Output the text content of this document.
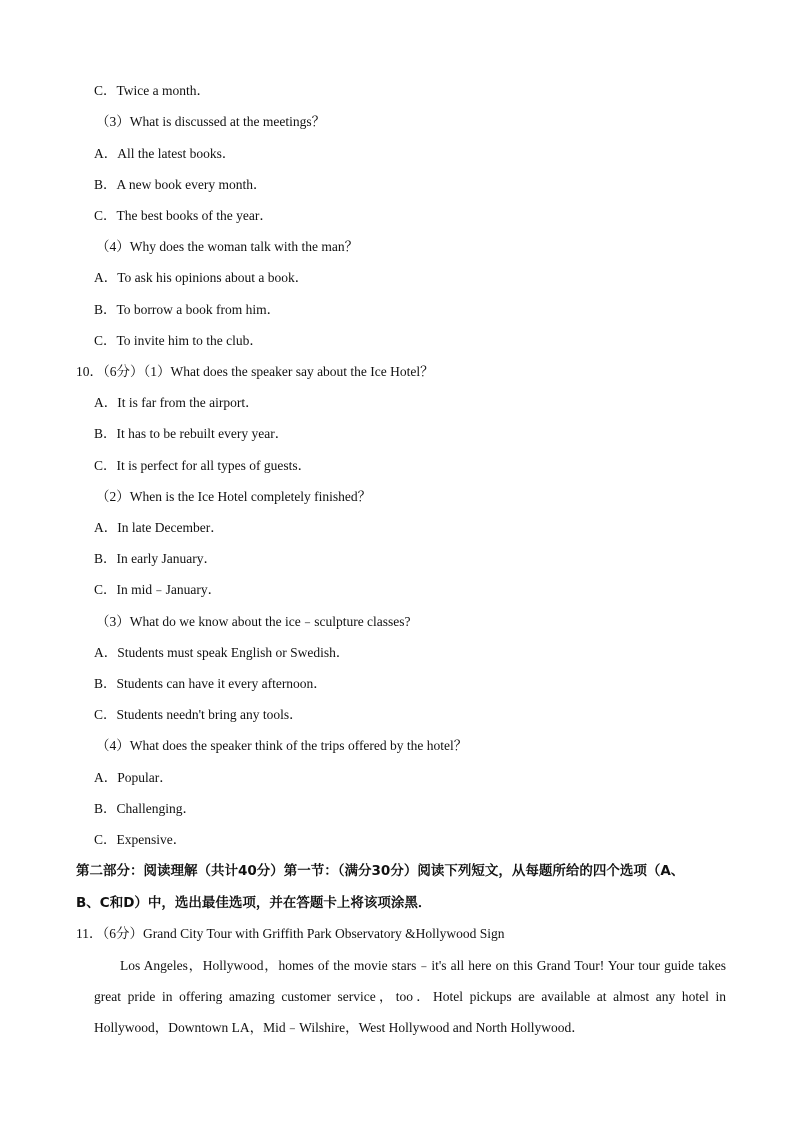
C．Twice a month．
（3）What is discussed at the meetings？
A．All the latest books．
B．A new book every month．
C．The best books of the year．
（4）Why does the woman talk with the man？
A．To ask his opinions about a book．
B．To borrow a book from him．
C．To invite him to the club．
10．（6分）（1）What does the speaker say about the Ice Hotel？
A．It is far from the airport．
B．It has to be rebuilt every year．
C．It is perfect for all types of guests．
（2）When is the Ice Hotel completely finished？
A．In late December．
B．In early January．
C．In mid﹣January．
（3）What do we know about the ice﹣sculpture classes?
A．Students must speak English or Swedish．
B．Students can have it every afternoon．
C．Students needn't bring any tools．
（4）What does the speaker think of the trips offered by the hotel？
A．Popular．
B．Challenging．
C．Expensive．
第二部分：阅读理解（共计40分）第一节：（满分30分）阅读下列短文，从每题所给的四个选项（A、
B、C和D）中，选出最佳选项，并在答题卡上将该项涂黑．
11．（6分）Grand City Tour with Griffith Park Observatory &Hollywood Sign
Los Angeles，Hollywood，homes of the movie stars﹣it's all here on this Grand Tour! Your tour guide takes great pride in offering amazing customer service，too．Hotel pickups are available at almost any hotel in Hollywood，Downtown LA，Mid﹣Wilshire，West Hollywood and North Hollywood．
